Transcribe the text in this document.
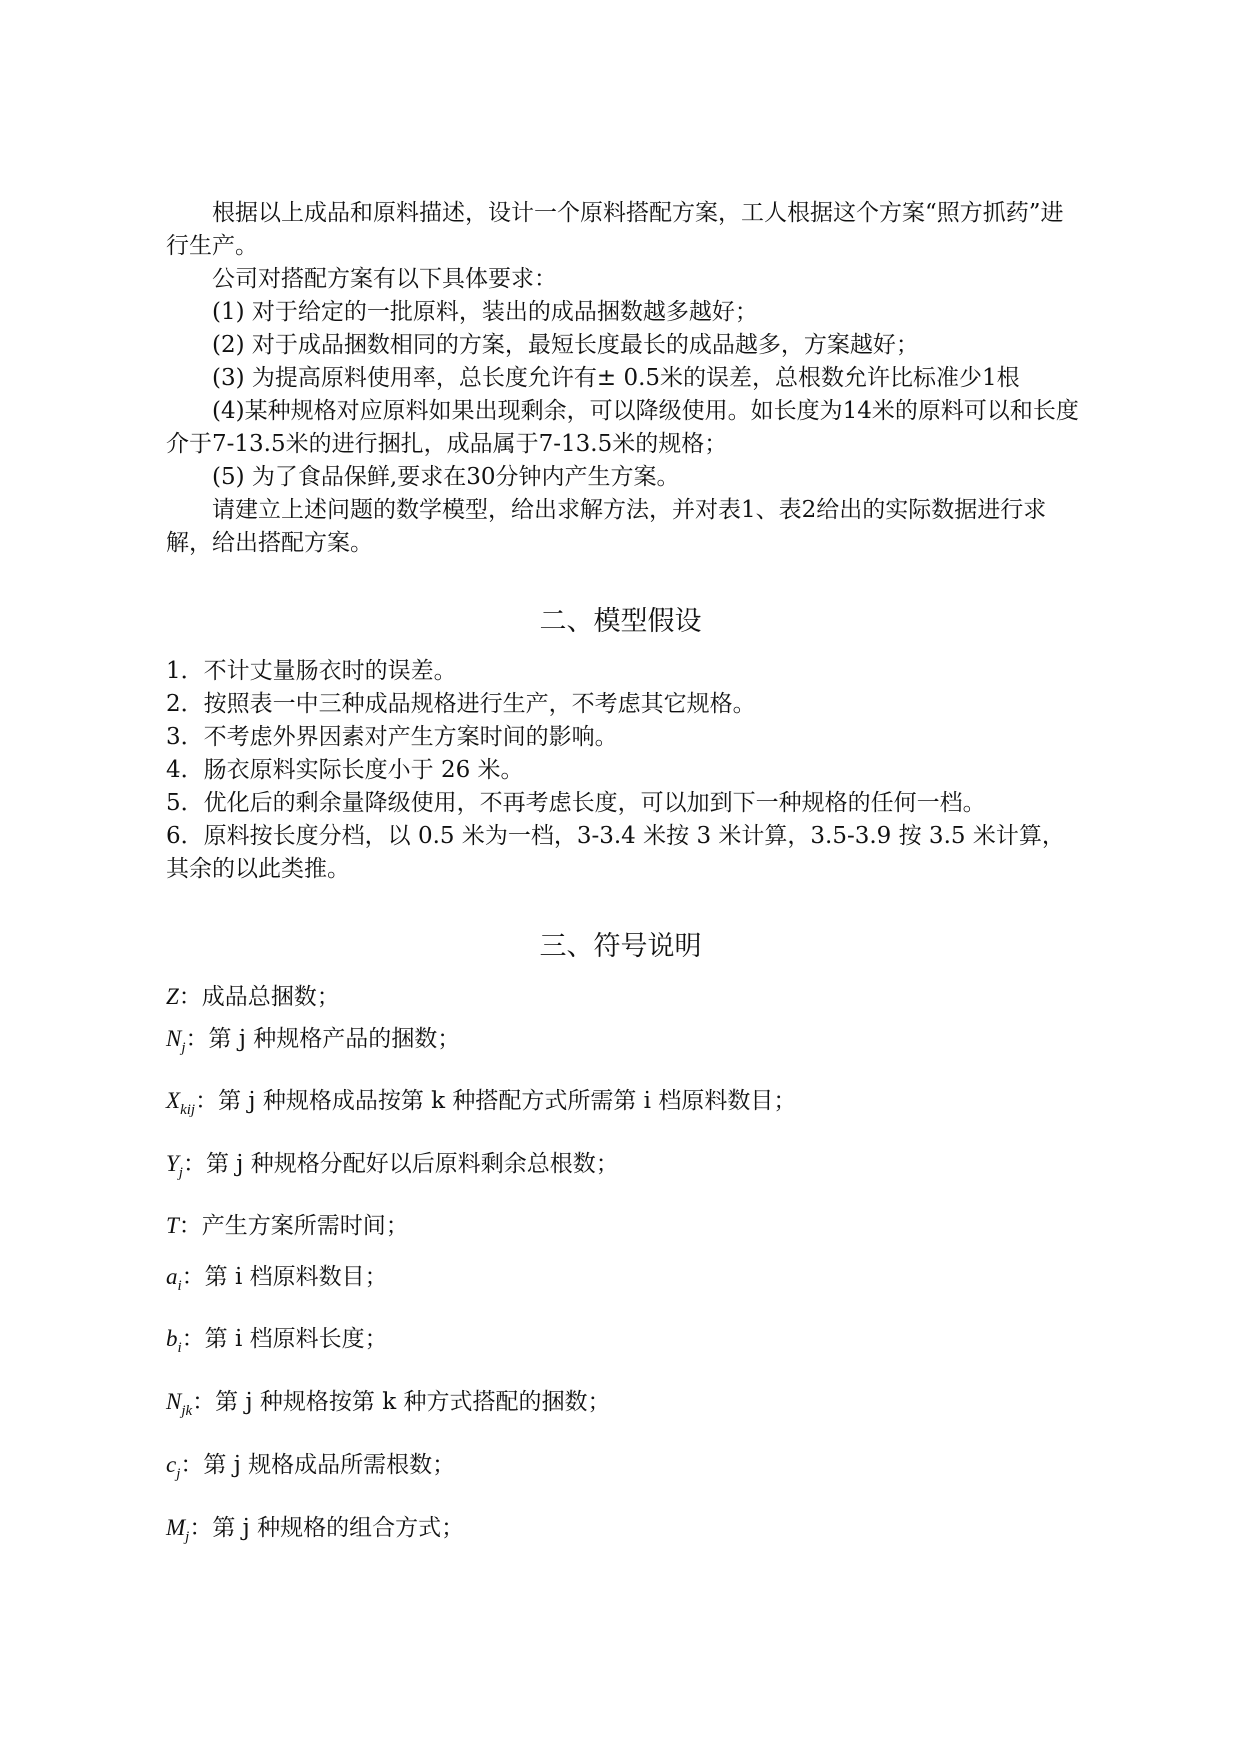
根据以上成品和原料描述，设计一个原料搭配方案，工人根据这个方案“照方抓药”进行生产。

公司对搭配方案有以下具体要求：

(1) 对于给定的一批原料，装出的成品捆数越多越好；

(2) 对于成品捆数相同的方案，最短长度最长的成品越多，方案越好；

(3) 为提高原料使用率，总长度允许有± 0.5米的误差，总根数允许比标准少1根

(4)某种规格对应原料如果出现剩余，可以降级使用。如长度为14米的原料可以和长度介于7-13.5米的进行捆扎，成品属于7-13.5米的规格；

(5) 为了食品保鲜,要求在30分钟内产生方案。

请建立上述问题的数学模型，给出求解方法，并对表1、表2给出的实际数据进行求解，给出搭配方案。

二、模型假设
1．不计丈量肠衣时的误差。
2．按照表一中三种成品规格进行生产，不考虑其它规格。
3．不考虑外界因素对产生方案时间的影响。
4．肠衣原料实际长度小于 26 米。
5．优化后的剩余量降级使用，不再考虑长度，可以加到下一种规格的任何一档。
6．原料按长度分档，以 0.5 米为一档，3-3.4 米按 3 米计算，3.5-3.9 按 3.5 米计算，其余的以此类推。
三、符号说明
Z：成品总捆数；
$N_j$：第 j 种规格产品的捆数；
$X_{kij}$：第 j 种规格成品按第 k 种搭配方式所需第 i 档原料数目；
$Y_j$：第 j 种规格分配好以后原料剩余总根数；
T：产生方案所需时间；
$a_i$：第 i 档原料数目；
$b_i$：第 i 档原料长度；
$N_{jk}$：第 j 种规格按第 k 种方式搭配的捆数；
$c_j$：第 j 规格成品所需根数；
$M_j$：第 j 种规格的组合方式；
